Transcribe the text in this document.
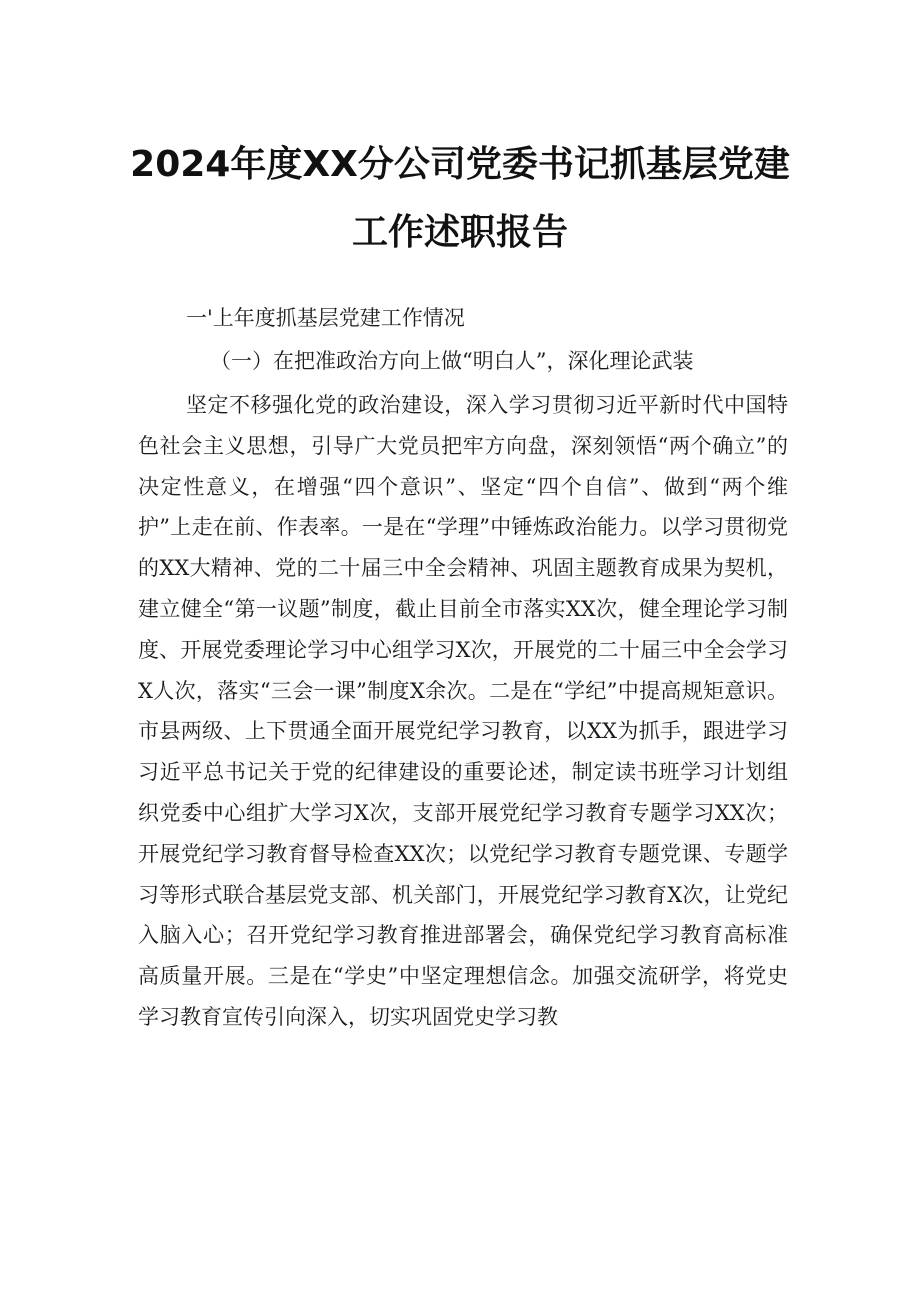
2024年度XX分公司党委书记抓基层党建
工作述职报告

一'上年度抓基层党建工作情况

（一）在把准政治方向上做“明白人”，深化理论武装

坚定不移强化党的政治建设，深入学习贯彻习近平新时代中国特色社会主义思想，引导广大党员把牢方向盘，深刻领悟“两个确立”的决定性意义，在增强“四个意识”、坚定“四个自信”、做到“两个维护”上走在前、作表率。一是在“学理”中锤炼政治能力。以学习贯彻党的XX大精神、党的二十届三中全会精神、巩固主题教育成果为契机，建立健全“第一议题”制度，截止目前全市落实XX次，健全理论学习制度、开展党委理论学习中心组学习X次，开展党的二十届三中全会学习X人次，落实“三会一课”制度X余次。二是在“学纪”中提高规矩意识。市县两级、上下贯通全面开展党纪学习教育，以XX为抓手，跟进学习习近平总书记关于党的纪律建设的重要论述，制定读书班学习计划组织党委中心组扩大学习X次，支部开展党纪学习教育专题学习XX次；开展党纪学习教育督导检查XX次；以党纪学习教育专题党课、专题学习等形式联合基层党支部、机关部门，开展党纪学习教育X次，让党纪入脑入心；召开党纪学习教育推进部署会，确保党纪学习教育高标准高质量开展。三是在“学史”中坚定理想信念。加强交流研学，将党史学习教育宣传引向深入，切实巩固党史学习教
